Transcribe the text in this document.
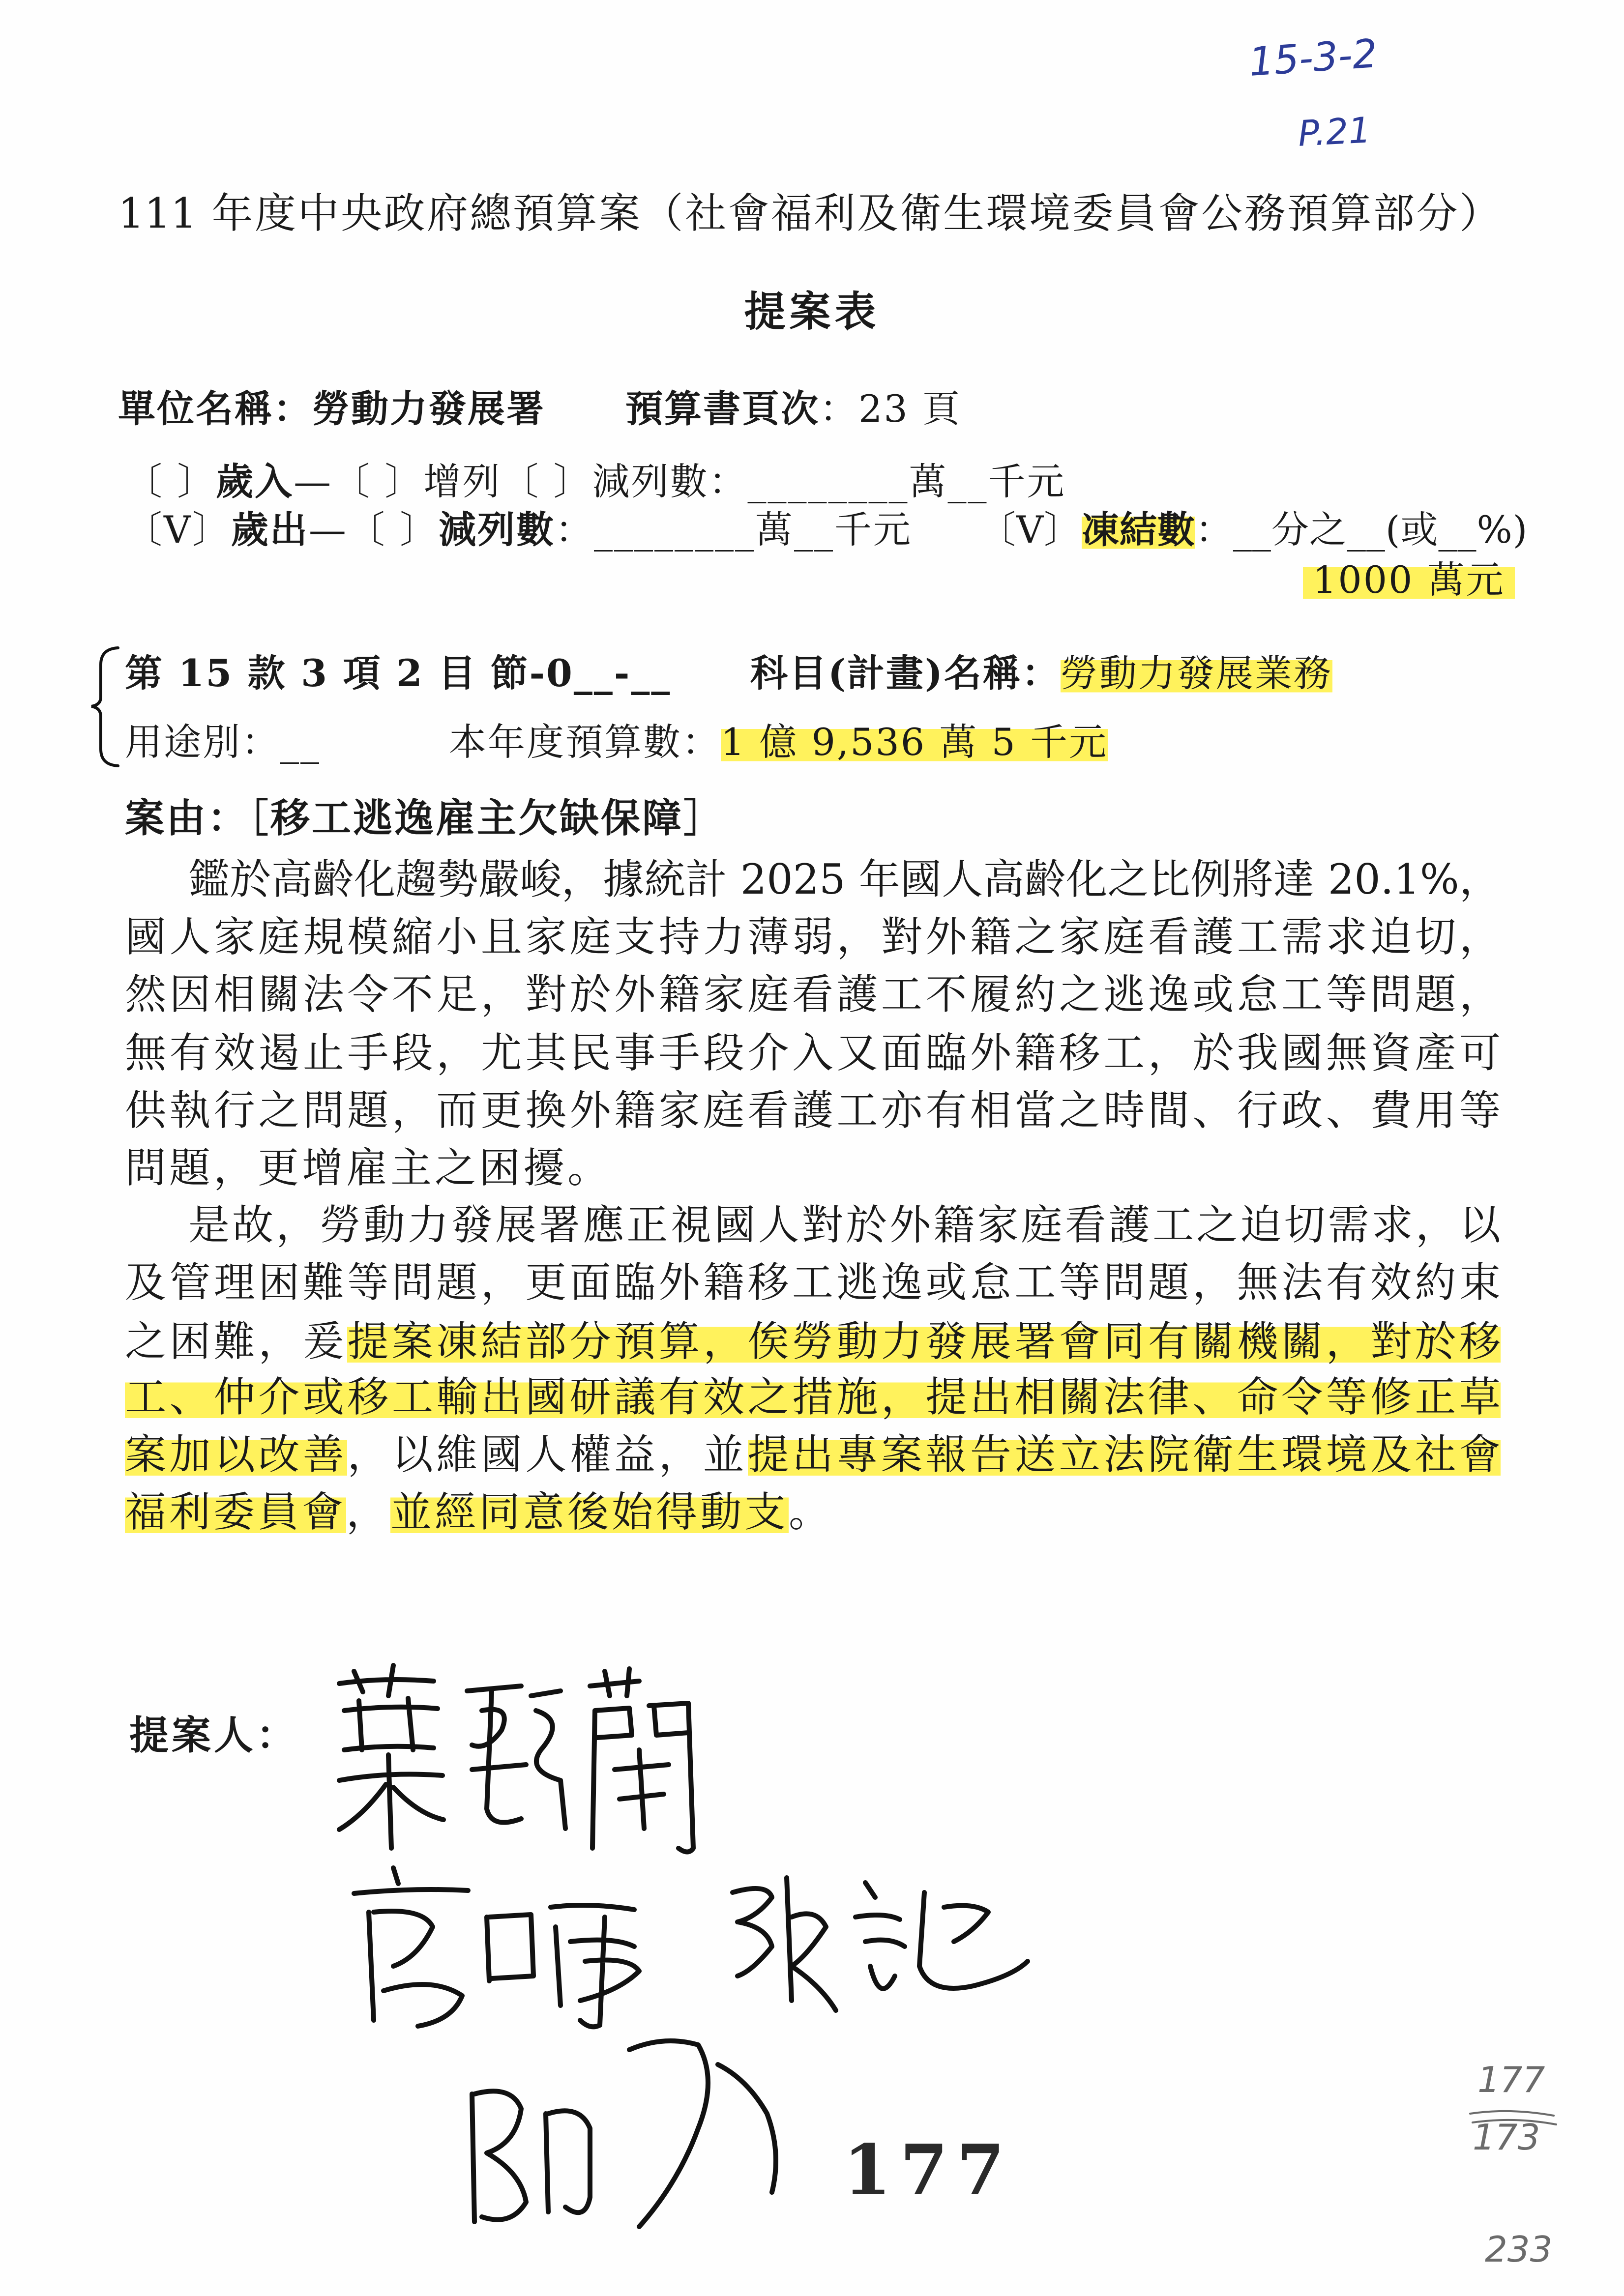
15-3-2
P.21
111 年度中央政府總預算案（社會福利及衛生環境委員會公務預算部分）
提案表
單位名稱：勞動力發展署 預算書頁次：23 頁
〔 〕歲入—〔 〕增列〔 〕減列數：________萬__千元
〔V〕歲出—〔 〕減列數：________萬__千元 〔V〕凍結數：__分之__(或__%)
1000 萬元
第 15 款 3 項 2 目 節-0__-__ 科目(計畫)名稱：勞動力發展業務
用途別：__	本年度預算數：1 億 9,536 萬 5 千元
案由：［移工逃逸雇主欠缺保障］
鑑於高齡化趨勢嚴峻，據統計 2025 年國人高齡化之比例將達 20.1%，
國人家庭規模縮小且家庭支持力薄弱，對外籍之家庭看護工需求迫切，
然因相關法令不足，對於外籍家庭看護工不履約之逃逸或怠工等問題，
無有效遏止手段，尤其民事手段介入又面臨外籍移工，於我國無資產可
供執行之問題，而更換外籍家庭看護工亦有相當之時間、行政、費用等
問題，更增雇主之困擾。
是故，勞動力發展署應正視國人對於外籍家庭看護工之迫切需求，以
及管理困難等問題，更面臨外籍移工逃逸或怠工等問題，無法有效約束
之困難，爰提案凍結部分預算，俟勞動力發展署會同有關機關，對於移
工、仲介或移工輸出國研議有效之措施，提出相關法律、命令等修正草
案加以改善，以維國人權益，並提出專案報告送立法院衛生環境及社會
福利委員會，並經同意後始得動支。
提案人：
177
177
173
233
